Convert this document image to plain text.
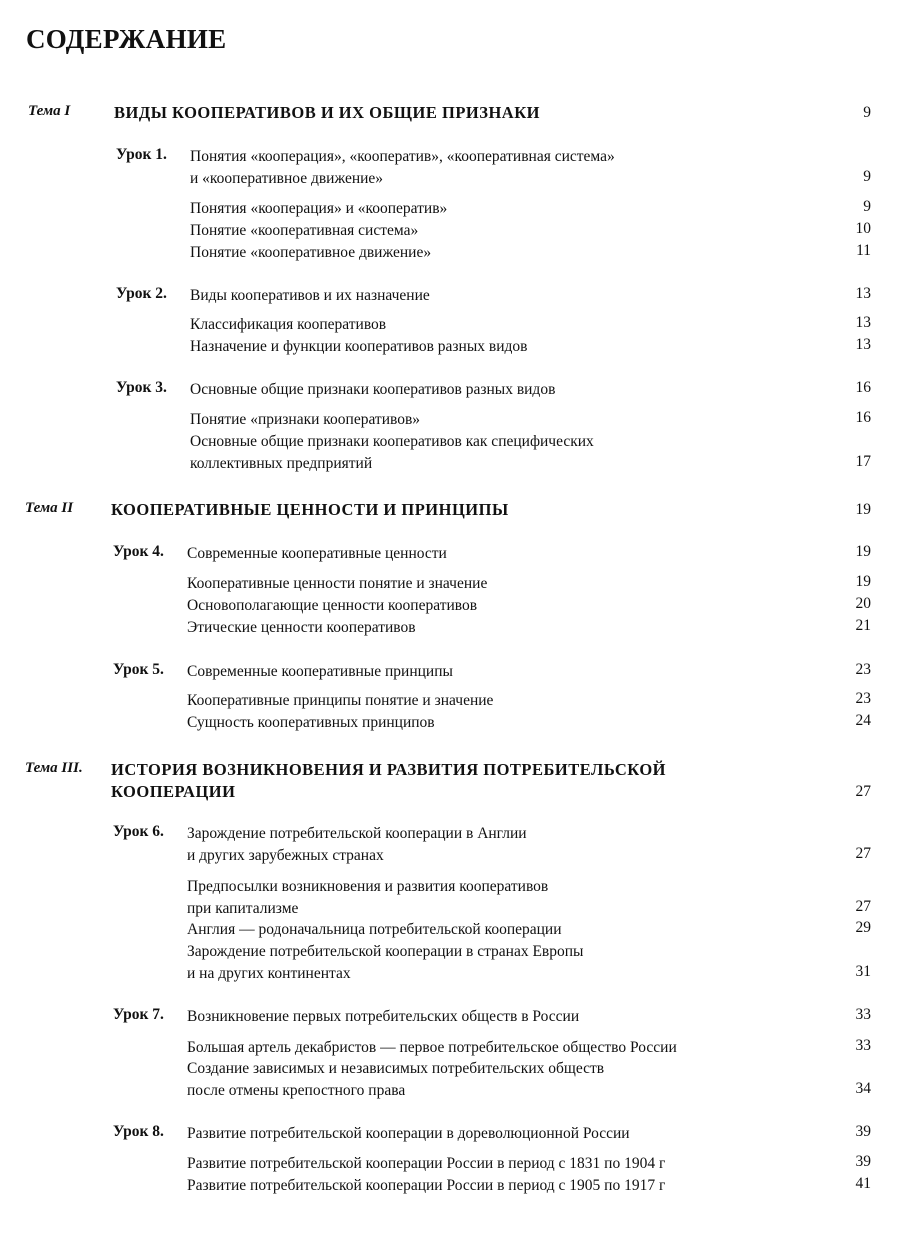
СОДЕРЖАНИЕ
Тема I	ВИДЫ КООПЕРАТИВОВ И ИХ ОБЩИЕ ПРИЗНАКИ	9
Урок 1. Понятия «кооперация», «кооператив», «кооперативная система»
и «кооперативное движение»	9
Понятия «кооперация» и «кооператив»	9
Понятие «кооперативная система»	10
Понятие «кооперативное движение»	11
Урок 2. Виды кооперативов и их назначение	13
Классификация кооперативов	13
Назначение и функции кооперативов разных видов	13
Урок 3. Основные общие признаки кооперативов разных видов	16
Понятие «признаки кооперативов»	16
Основные общие признаки кооперативов как специфических
коллективных предприятий	17
Тема II КООПЕРАТИВНЫЕ ЦЕННОСТИ И ПРИНЦИПЫ	19
Урок 4. Современные кооперативные ценности	19
Кооперативные ценности понятие и значение	19
Основополагающие ценности кооперативов	20
Этические ценности кооперативов	21
Урок 5. Современные кооперативные принципы	23
Кооперативные принципы понятие и значение	23
Сущность кооперативных принципов	24
Тема III. ИСТОРИЯ ВОЗНИКНОВЕНИЯ И РАЗВИТИЯ ПОТРЕБИТЕЛЬСКОЙ
КООПЕРАЦИИ	27
Урок 6. Зарождение потребительской кооперации в Англии
и других зарубежных странах	27
Предпосылки возникновения и развития кооперативов
при капитализме	27
Англия — родоначальница потребительской кооперации	29
Зарождение потребительской кооперации в странах Европы
и на других континентах	31
Урок 7. Возникновение первых потребительских обществ в России	33
Большая артель декабристов — первое потребительское общество России	33
Создание зависимых и независимых потребительских обществ
после отмены крепостного права	34
Урок 8. Развитие потребительской кооперации в дореволюционной России	39
Развитие потребительской кооперации России в период с 1831 по 1904 г	39
Развитие потребительской кооперации России в период с 1905 по 1917 г	41
